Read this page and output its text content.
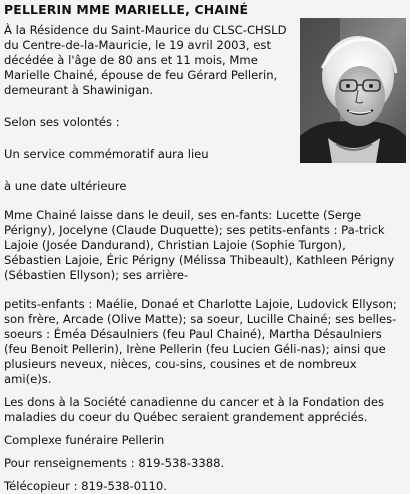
PELLERIN MME MARIELLE, CHAINÉ

À la Résidence du Saint-Maurice du CLSC-CHSLD du Centre-de-la-Mauricie, le 19 avril 2003, est décédée à l'âge de 80 ans et 11 mois, Mme Marielle Chainé, épouse de feu Gérard Pellerin, demeurant à Shawinigan.

Selon ses volontés :

Un service commémoratif aura lieu

à une date ultérieure

Mme Chainé laisse dans le deuil, ses en-fants: Lucette (Serge Périgny), Jocelyne (Claude Duquette); ses petits-enfants : Pa-trick Lajoie (Josée Dandurand), Christian Lajoie (Sophie Turgon), Sébastien Lajoie, Éric Périgny (Mélissa Thibeault), Kathleen Périgny (Sébastien Ellyson); ses arrière-

petits-enfants : Maélie, Donaé et Charlotte Lajoie, Ludovick Ellyson; son frère, Arcade (Olive Matte); sa soeur, Lucille Chainé; ses belles-soeurs : Éméa Désaulniers (feu Paul Chainé), Martha Désaulniers (feu Benoit Pellerin), Irène Pellerin (feu Lucien Géli-nas); ainsi que plusieurs neveux, nièces, cou-sins, cousines et de nombreux ami(e)s.

Les dons à la Société canadienne du cancer et à la Fondation des maladies du coeur du Québec seraient grandement appréciés.

Complexe funéraire Pellerin

Pour renseignements : 819-538-3388.

Télécopieur : 819-538-0110.
